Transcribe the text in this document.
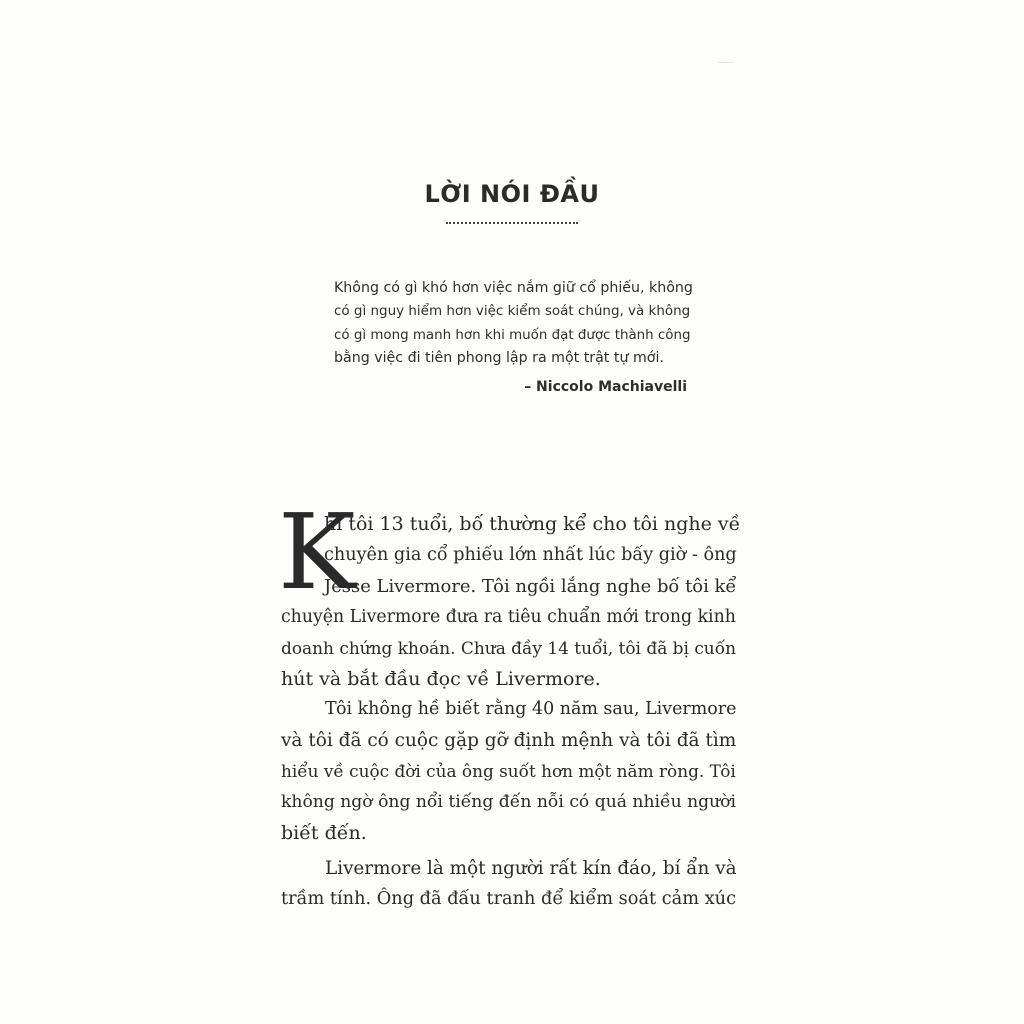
LỜI NÓI ĐẦU
Không có gì khó hơn việc nắm giữ cổ phiếu, không
có gì nguy hiểm hơn việc kiểm soát chúng, và không
có gì mong manh hơn khi muốn đạt được thành công
bằng việc đi tiên phong lập ra một trật tự mới.
– Niccolo Machiavelli
K
hi tôi 13 tuổi, bố thường kể cho tôi nghe về
chuyên gia cổ phiếu lớn nhất lúc bấy giờ - ông
Jesse Livermore. Tôi ngồi lắng nghe bố tôi kể
chuyện Livermore đưa ra tiêu chuẩn mới trong kinh
doanh chứng khoán. Chưa đầy 14 tuổi, tôi đã bị cuốn
hút và bắt đầu đọc về Livermore.
Tôi không hề biết rằng 40 năm sau, Livermore
và tôi đã có cuộc gặp gỡ định mệnh và tôi đã tìm
hiểu về cuộc đời của ông suốt hơn một năm ròng. Tôi
không ngờ ông nổi tiếng đến nỗi có quá nhiều người
biết đến.
Livermore là một người rất kín đáo, bí ẩn và
trầm tính. Ông đã đấu tranh để kiểm soát cảm xúc
